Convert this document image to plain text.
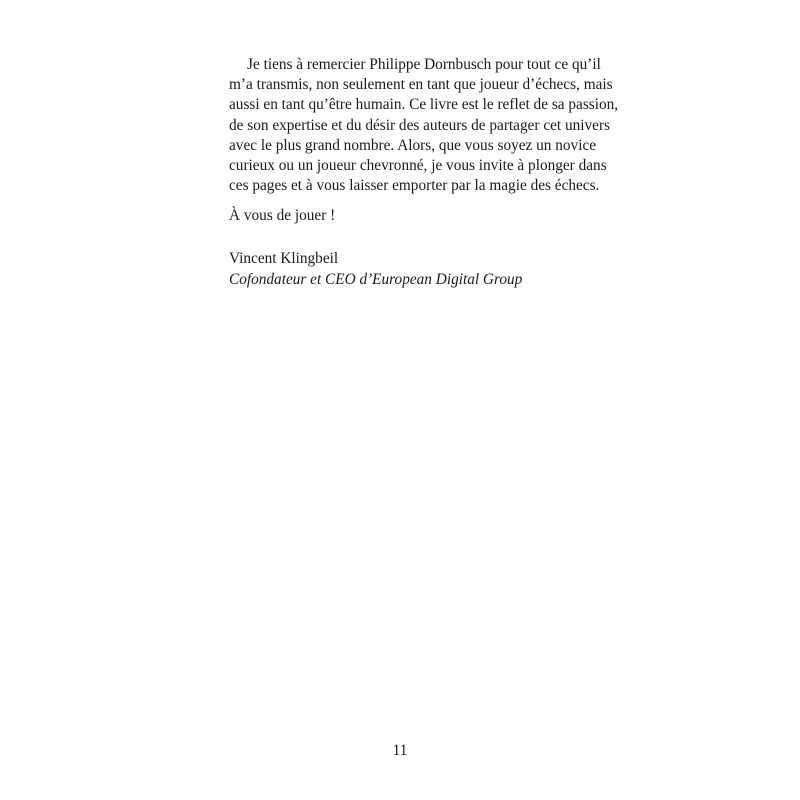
Je tiens à remercier Philippe Dornbusch pour tout ce qu’il
m’a transmis, non seulement en tant que joueur d’échecs, mais
aussi en tant qu’être humain. Ce livre est le reflet de sa passion,
de son expertise et du désir des auteurs de partager cet univers
avec le plus grand nombre. Alors, que vous soyez un novice
curieux ou un joueur chevronné, je vous invite à plonger dans
ces pages et à vous laisser emporter par la magie des échecs.

À vous de jouer !
Vincent Klingbeil
Cofondateur et CEO d’European Digital Group
11
